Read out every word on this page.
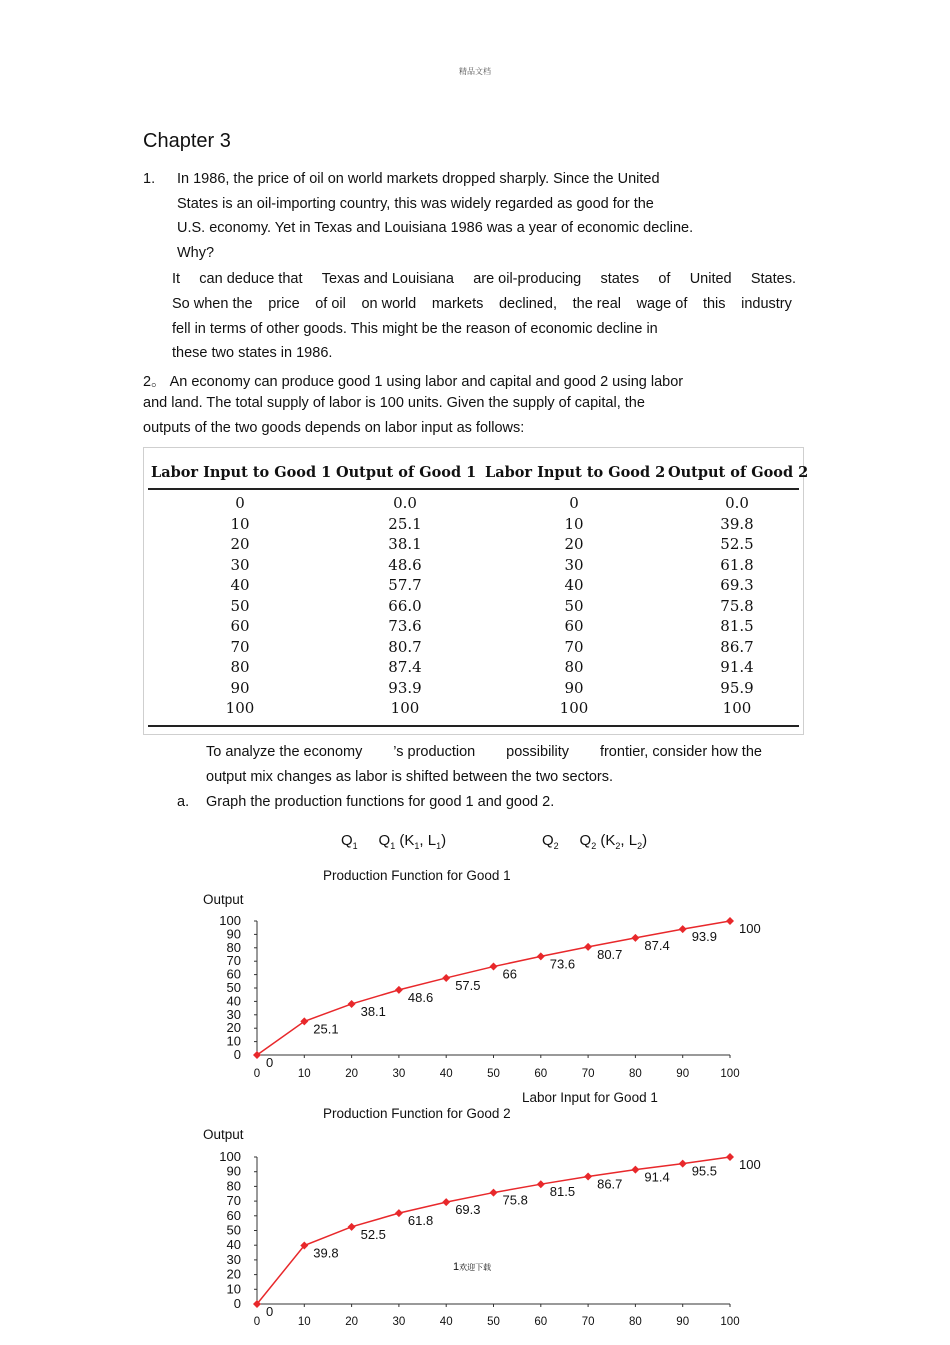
精品文档
Chapter 3
1. In 1986, the price of oil on world markets dropped sharply. Since the United
States is an oil-importing country, this was widely regarded as good for the
U.S. economy. Yet in Texas and Louisiana 1986 was a year of economic decline.
Why?
It can deduce that Texas and Louisiana are oil-producing states of United States.
So when the price of oil on world markets declined, the real wage of this industry
fell in terms of other goods. This might be the reason of economic decline in
these two states in 1986.
2。 An economy can produce good 1 using labor and capital and good 2 using labor
and land. The total supply of labor is 100 units. Given the supply of capital, the
outputs of the two goods depends on labor input as follows:
Labor Input to Good 1 Output of Good 1 Labor Input to Good 2 Output of Good 2
0	0.0	0	0.0
10	25.1	10	39.8
20	38.1	20	52.5
30	48.6	30	61.8
40	57.7	40	69.3
50	66.0	50	75.8
60	73.6	60	81.5
70	80.7	70	86.7
80	87.4	80	91.4
90	93.9	90	95.9
100	100	100	100
To analyze the economy ’s production possibility frontier, consider how the
output mix changes as labor is shifted between the two sectors.
a. Graph the production functions for good 1 and good 2.
$Q_1$ $Q_1$ ($K_1$, $L_1$)	$Q_2$ $Q_2$ ($K_2$, $L_2$)
Production Function for Good 1
Output
0
10
20
30
40
50
60
70
80
90
100
0	10	20	30	40	50	60	70	80	90	100
0
25.1
38.1
48.6
57.5
66
73.6
80.7
87.4
93.9
100
Labor Input for Good 1
Production Function for Good 2
Output
0
10
20
30
40
50
60
70
80
90
100
0	10	20	30	40	50	60	70	80	90	100
0
39.8
52.5
61.8
69.3
75.8
81.5
86.7 91.4 95.5 100
1欢迎下载
